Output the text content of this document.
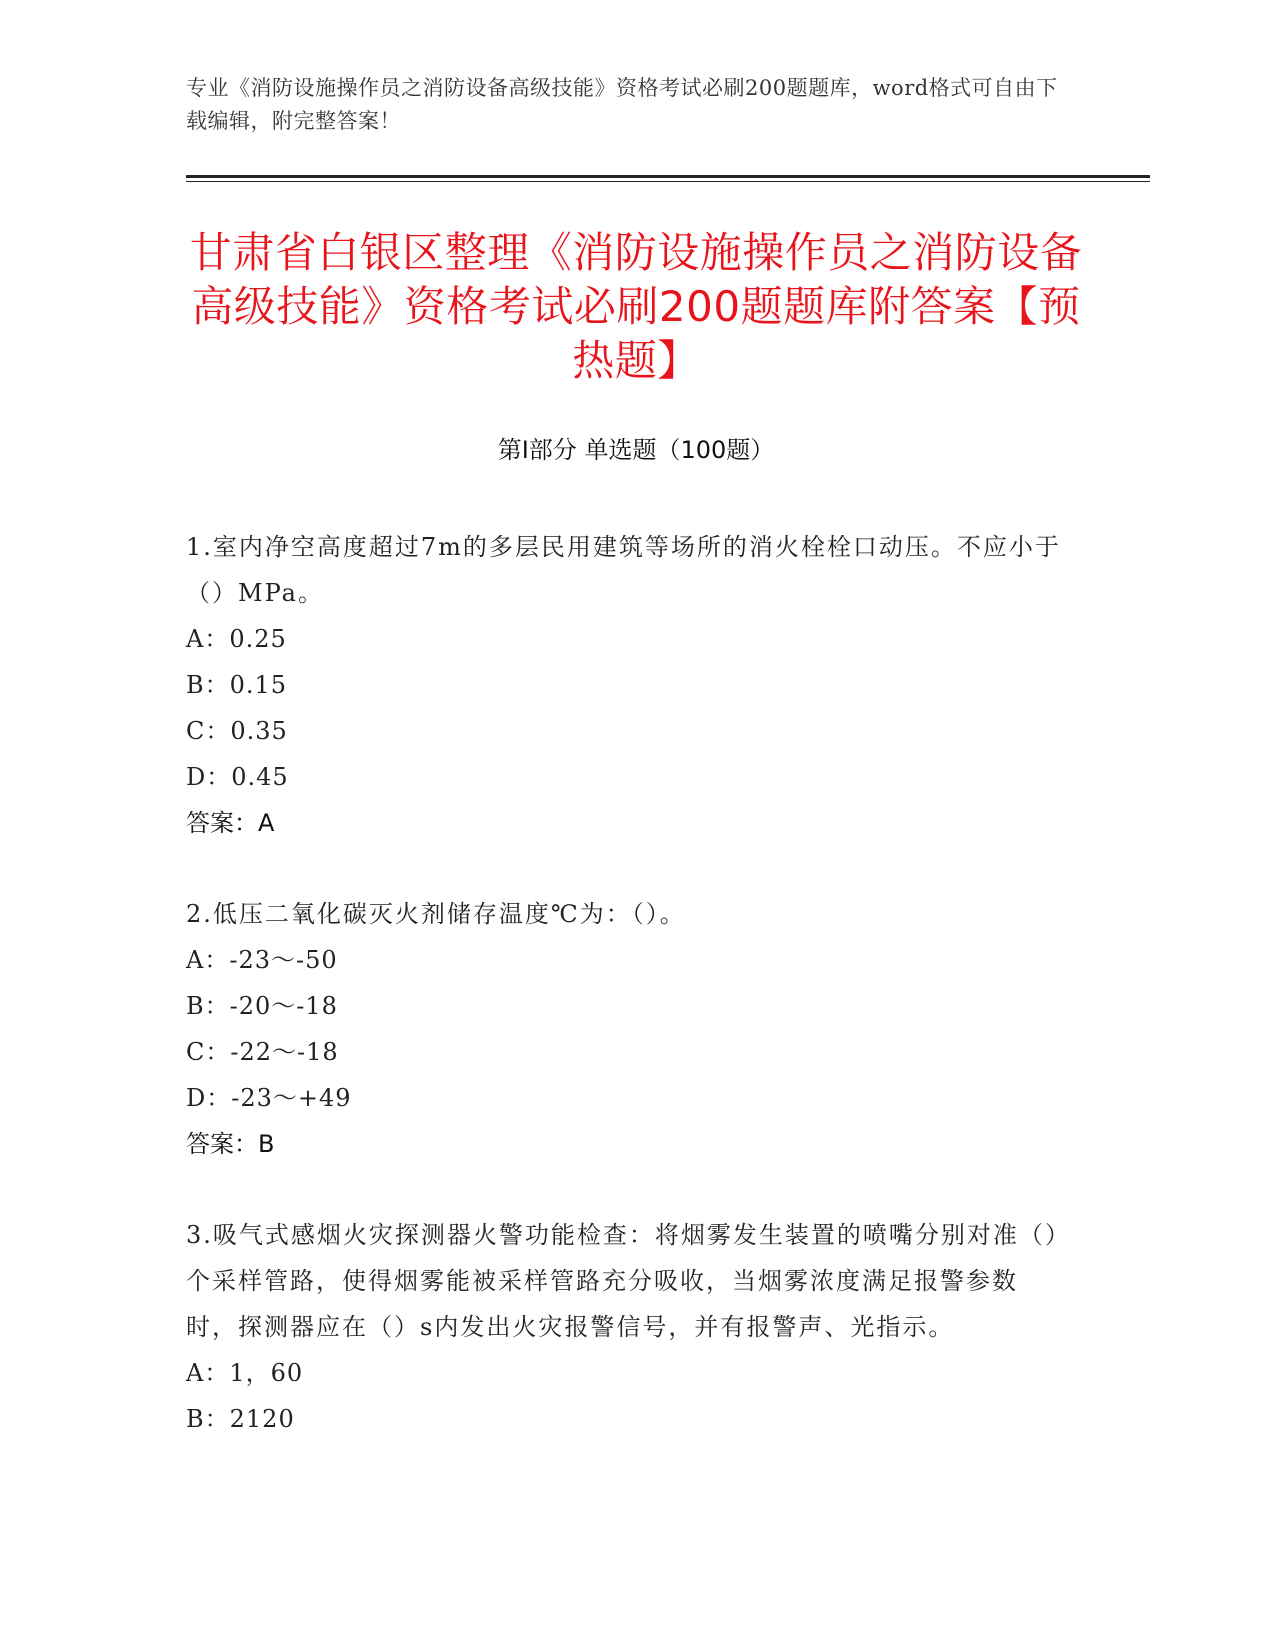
专业《消防设施操作员之消防设备高级技能》资格考试必刷200题题库，word格式可自由下载编辑，附完整答案！
甘肃省白银区整理《消防设施操作员之消防设备高级技能》资格考试必刷200题题库附答案【预热题】
第I部分 单选题（100题）

1.室内净空高度超过7m的多层民用建筑等场所的消火栓栓口动压。不应小于（）MPa。

A：0.25

B：0.15

C：0.35

D：0.45

答案：A

2.低压二氧化碳灭火剂储存温度℃为：（）。

A：-23～-50

B：-20～-18

C：-22～-18

D：-23～+49

答案：B

3.吸气式感烟火灾探测器火警功能检查：将烟雾发生装置的喷嘴分别对准（）个采样管路，使得烟雾能被采样管路充分吸收，当烟雾浓度满足报警参数时，探测器应在（）s内发出火灾报警信号，并有报警声、光指示。

A：1，60

B：2120
